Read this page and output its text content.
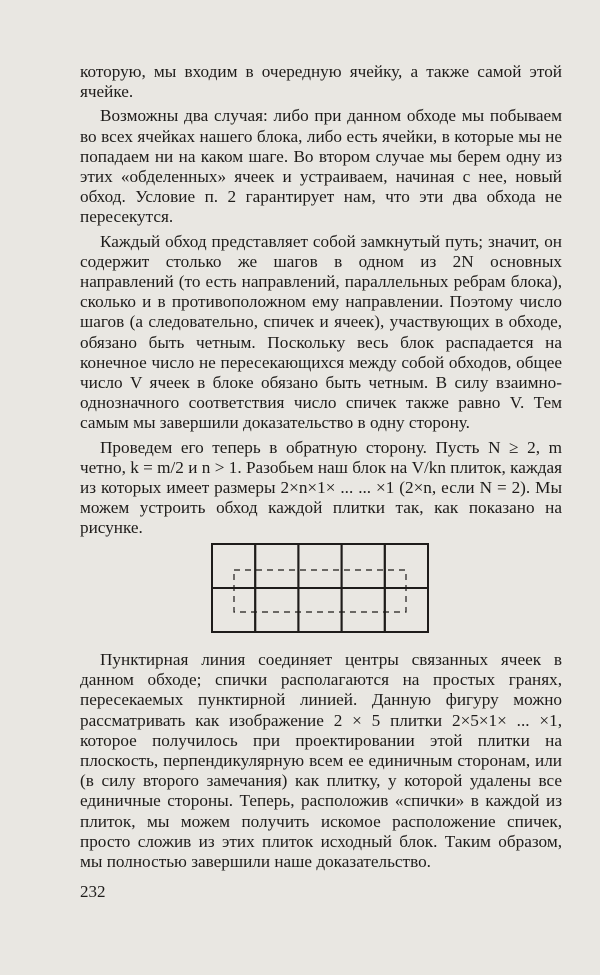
которую, мы входим в очередную ячейку, а также самой этой ячейке.

Возможны два случая: либо при данном обходе мы побываем во всех ячейках нашего блока, либо есть ячейки, в которые мы не попадаем ни на каком шаге. Во втором случае мы берем одну из этих «обделенных» ячеек и устраиваем, начиная с нее, новый обход. Условие п. 2 гарантирует нам, что эти два обхода не пересекутся.

Каждый обход представляет собой замкнутый путь; значит, он содержит столько же шагов в одном из 2N основных направлений (то есть направлений, параллельных ребрам блока), сколько и в противоположном ему направлении. Поэтому число шагов (а следовательно, спичек и ячеек), участвующих в обходе, обязано быть четным. Поскольку весь блок распадается на конечное число не пересекающихся между собой обходов, общее число V ячеек в блоке обязано быть четным. В силу взаимно-однозначного соответствия число спичек также равно V. Тем самым мы завершили доказательство в одну сторону.

Проведем его теперь в обратную сторону. Пусть N ≥ 2, m четно, k = m/2 и n > 1. Разобьем наш блок на V/kn плиток, каждая из которых имеет размеры 2×n×1× ... ... ×1 (2×n, если N = 2). Мы можем устроить обход каждой плитки так, как показано на рисунке.

Пунктирная линия соединяет центры связанных ячеек в данном обходе; спички располагаются на простых гранях, пересекаемых пунктирной линией. Данную фигуру можно рассматривать как изображение 2 × 5 плитки 2×5×1× ... ×1, которое получилось при проектировании этой плитки на плоскость, перпендикулярную всем ее единичным сторонам, или (в силу второго замечания) как плитку, у которой удалены все единичные стороны. Теперь, расположив «спички» в каждой из плиток, мы можем получить искомое расположение спичек, просто сложив из этих плиток исходный блок. Таким образом, мы полностью завершили наше доказательство.

232
